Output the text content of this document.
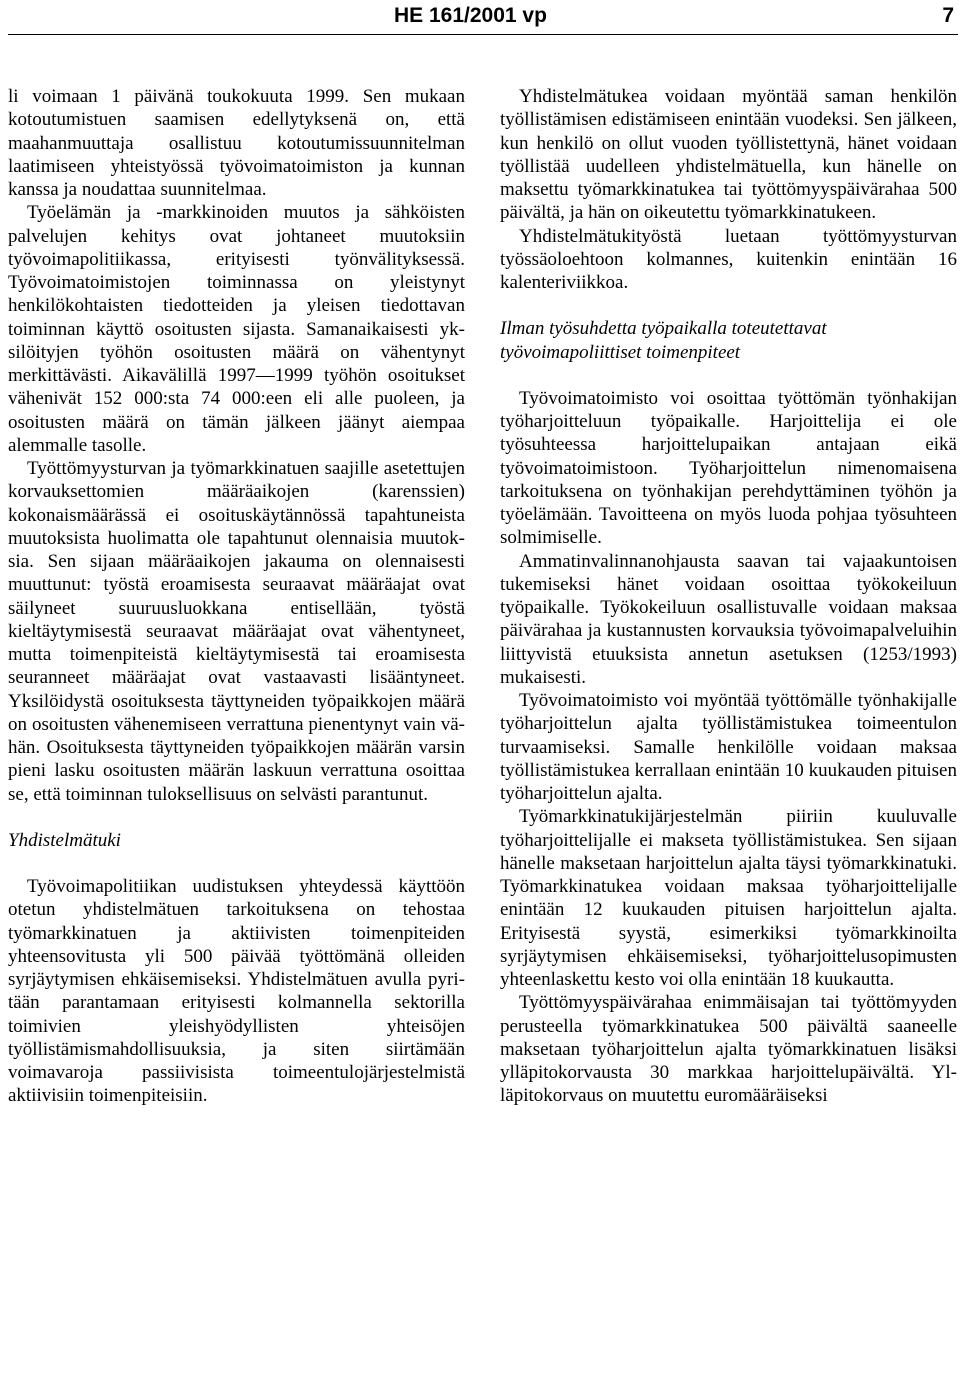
HE 161/2001 vp	7

li voimaan 1 päivänä toukokuuta 1999. Sen mukaan kotoutumistuen saamisen edellytyksenä on, että maahanmuuttaja osallistuu kotoutumissuunnitelman laatimiseen yhteistyössä työvoimatoimiston ja kunnan kanssa ja noudattaa suunnitelmaa.

Työelämän ja -markkinoiden muutos ja sähköisten palvelujen kehitys ovat johtaneet muutoksiin työvoimapolitiikassa, erityisesti työnvälityksessä. Työvoimatoimistojen toiminnassa on yleistynyt henkilökohtaisten tiedotteiden ja yleisen tiedottavan toiminnan käyttö osoitusten sijasta. Samanaikaisesti yksilöityjen työhön osoitusten määrä on vähentynyt merkittävästi. Aikavälillä 1997—1999 työhön osoitukset vähenivät 152 000:sta 74 000:een eli alle puoleen, ja osoitusten määrä on tämän jälkeen jäänyt aiempaa alemmalle tasolle.

Työttömyysturvan ja työmarkkinatuen saajille asetettujen korvauksettomien määräaikojen (karenssien) kokonaismäärässä ei osoituskäytännössä tapahtuneista muutoksista huolimatta ole tapahtunut olennaisia muutoksia. Sen sijaan määräaikojen jakauma on olennaisesti muuttunut: työstä eroamisesta seuraavat määräajat ovat säilyneet suuruusluokkana entisellään, työstä kieltäytymisestä seuraavat määräajat ovat vähentyneet, mutta toimenpiteistä kieltäytymisestä tai eroamisesta seuranneet määräajat ovat vastaavasti lisääntyneet. Yksilöidystä osoituksesta täyttyneiden työpaikkojen määrä on osoitusten vähenemiseen verrattuna pienentynyt vain vähän. Osoituksesta täyttyneiden työpaikkojen määrän varsin pieni lasku osoitusten määrän laskuun verrattuna osoittaa se, että toiminnan tuloksellisuus on selvästi parantunut.

Yhdistelmätuki

Työvoimapolitiikan uudistuksen yhteydessä käyttöön otetun yhdistelmätuen tarkoituksena on tehostaa työmarkkinatuen ja aktiivisten toimenpiteiden yhteensovitusta yli 500 päivää työttömänä olleiden syrjäytymisen ehkäisemiseksi. Yhdistelmätuen avulla pyritään parantamaan erityisesti kolmannella sektorilla toimivien yleishyödyllisten yhteisöjen työllistämismahdollisuuksia, ja siten siirtämään voimavaroja passiivisista toimeentulojärjestelmistä aktiivisiin toimenpiteisiin.

Yhdistelmätukea voidaan myöntää saman henkilön työllistämisen edistämiseen enintään vuodeksi. Sen jälkeen, kun henkilö on ollut vuoden työllistettynä, hänet voidaan työllistää uudelleen yhdistelmätuella, kun hänelle on maksettu työmarkkinatukea tai työttömyyspäivärahaa 500 päivältä, ja hän on oikeutettu työmarkkinatukeen.

Yhdistelmätukityöstä luetaan työttömyysturvan työssäoloehtoon kolmannes, kuitenkin enintään 16 kalenteriviikkoa.

Ilman työsuhdetta työpaikalla toteutettavat työvoimapoliittiset toimenpiteet

Työvoimatoimisto voi osoittaa työttömän työnhakijan työharjoitteluun työpaikalle. Harjoittelija ei ole työsuhteessa harjoittelupaikan antajaan eikä työvoimatoimistoon. Työharjoittelun nimenomaisena tarkoituksena on työnhakijan perehdyttäminen työhön ja työelämään. Tavoitteena on myös luoda pohjaa työsuhteen solmimiselle.

Ammatinvalinnanohjausta saavan tai vajaakuntoisen tukemiseksi hänet voidaan osoittaa työkokeiluun työpaikalle. Työkokeiluun osallistuvalle voidaan maksaa päivärahaa ja kustannusten korvauksia työvoimapalveluihin liittyvistä etuuksista annetun asetuksen (1253/1993) mukaisesti.

Työvoimatoimisto voi myöntää työttömälle työnhakijalle työharjoittelun ajalta työllistämistukea toimeentulon turvaamiseksi. Samalle henkilölle voidaan maksaa työllistämistukea kerrallaan enintään 10 kuukauden pituisen työharjoittelun ajalta.

Työmarkkinatukijärjestelmän piiriin kuuluvalle työharjoittelijalle ei makseta työllistämistukea. Sen sijaan hänelle maksetaan harjoittelun ajalta täysi työmarkkinatuki. Työmarkkinatukea voidaan maksaa työharjoittelijalle enintään 12 kuukauden pituisen harjoittelun ajalta. Erityisestä syystä, esimerkiksi työmarkkinoilta syrjäytymisen ehkäisemiseksi, työharjoittelusopimusten yhteenlaskettu kesto voi olla enintään 18 kuukautta.

Työttömyyspäivärahaa enimmäisajan tai työttömyyden perusteella työmarkkinatukea 500 päivältä saaneelle maksetaan työharjoittelun ajalta työmarkkinatuen lisäksi ylläpitokorvausta 30 markkaa harjoittelupäivältä. Ylläpitokorvaus on muutettu euromääräiseksi
